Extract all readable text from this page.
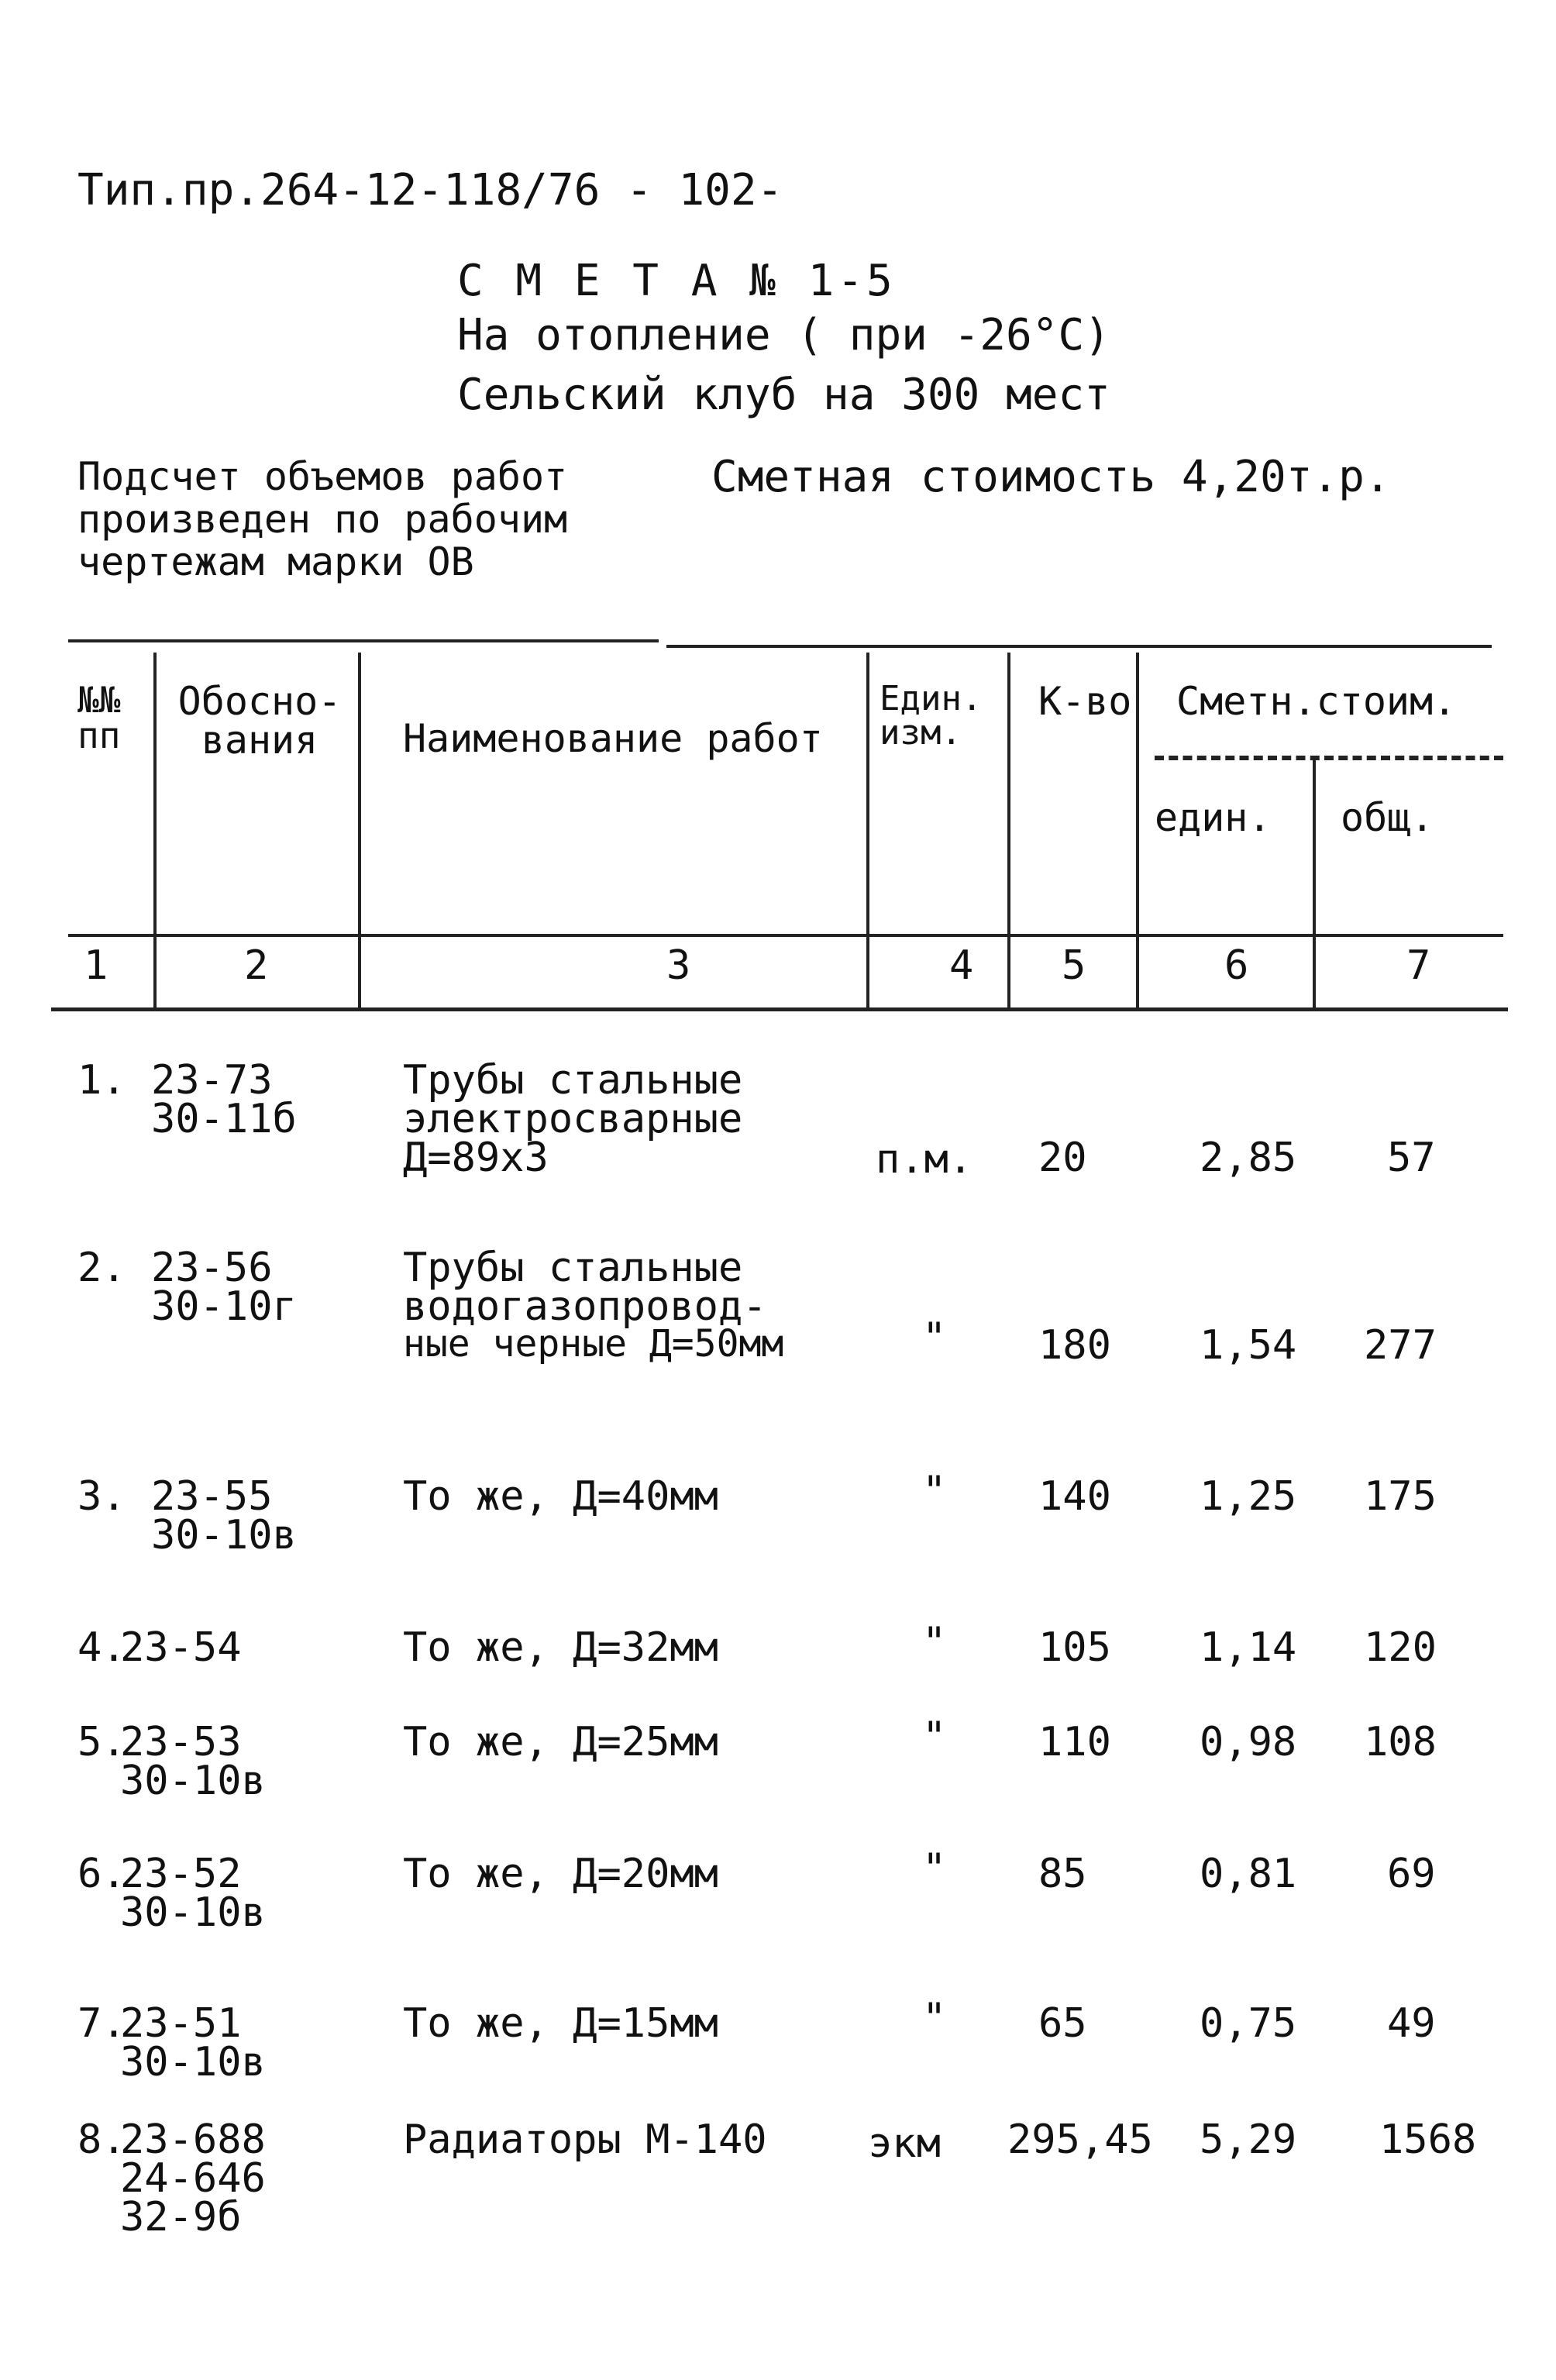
Тип.пр.264-12-118/76 - 102-
С М Е Т А № 1-5
На отопление ( при -26°С)
Сельский клуб на 300 мест
Подсчет объемов работ
произведен по рабочим
чертежам марки ОВ
Сметная стоимость 4,20т.р.
№№ пп
Обосно-вания	Наименование работ
Един. изм.
К-во Сметн.стоим.
един. общ.
1	2	3	4 5	6	7
1. 23-73
30-11б
Трубы стальные
электросварные
Д=89х3	п.м. 20	2,85 57
2. 23-56
30-10г
Трубы стальные
водогазопровод-
ные черные Д=50мм	" 180 1,54 277
3. 23-55
30-10в
То же, Д=40мм	" 140 1,25 175
4.
23-54	То же, Д=32мм	" 105 1,14 120
5.
23-53
30-10в
То же, Д=25мм	" 110 0,98 108
6.
23-52
30-10в
То же, Д=20мм	" 85	0,81 69
7.
23-51
30-10в
То же, Д=15мм	" 65	0,75 49
8.
23-688
24-646
32-9б
Радиаторы М-140	экм 295,45 5,29 1568
